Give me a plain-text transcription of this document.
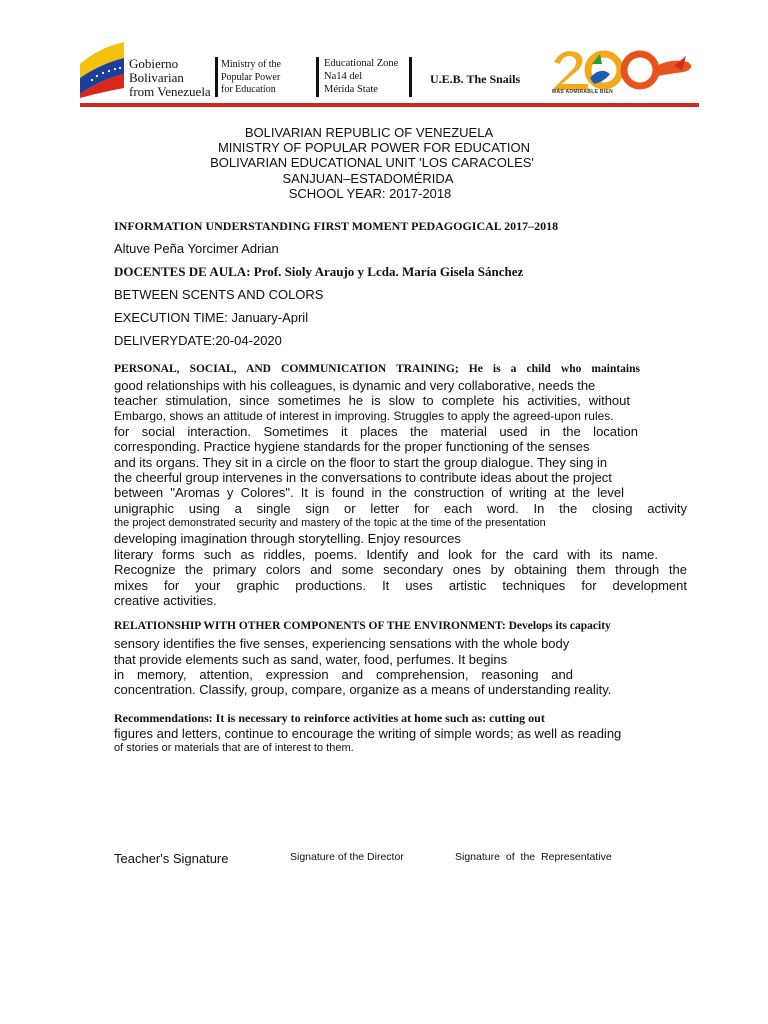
Gobierno
Bolivarian
from Venezuela
Ministry of the
Popular Power
for Education
Educational Zone
Na14 del
Mérida State
U.E.B. The Snails
MÁS ADMIRABLE BIEN
BOLIVARIAN REPUBLIC OF VENEZUELA
MINISTRY OF POPULAR POWER FOR EDUCATION
BOLIVARIAN EDUCATIONAL UNIT 'LOS CARACOLES'
SANJUAN–ESTADOMÉRIDA
SCHOOL YEAR: 2017-2018
INFORMATION UNDERSTANDING FIRST MOMENT PEDAGOGICAL 2017–2018
Altuve Peña Yorcimer Adrian
DOCENTES DE AULA: Prof. Sioly Araujo y Lcda. María Gisela Sánchez
BETWEEN SCENTS AND COLORS
EXECUTION TIME: January-April
DELIVERYDATE:20-04-2020
PERSONAL, SOCIAL, AND COMMUNICATION TRAINING; He is a child who maintains
good relationships with his colleagues, is dynamic and very collaborative, needs the
teacher stimulation, since sometimes he is slow to complete his activities, without
Embargo, shows an attitude of interest in improving. Struggles to apply the agreed-upon rules.
for social interaction. Sometimes it places the material used in the location
corresponding. Practice hygiene standards for the proper functioning of the senses
and its organs. They sit in a circle on the floor to start the group dialogue. They sing in
the cheerful group intervenes in the conversations to contribute ideas about the project
between "Aromas y Colores". It is found in the construction of writing at the level
unigraphic using a single sign or letter for each word. In the closing activity
the project demonstrated security and mastery of the topic at the time of the presentation
developing imagination through storytelling. Enjoy resources
literary forms such as riddles, poems. Identify and look for the card with its name.
Recognize the primary colors and some secondary ones by obtaining them through the
mixes for your graphic productions. It uses artistic techniques for development
creative activities.
RELATIONSHIP WITH OTHER COMPONENTS OF THE ENVIRONMENT: Develops its capacity
sensory identifies the five senses, experiencing sensations with the whole body
that provide elements such as sand, water, food, perfumes. It begins
in memory, attention, expression and comprehension, reasoning and
concentration. Classify, group, compare, organize as a means of understanding reality.
Recommendations: It is necessary to reinforce activities at home such as: cutting out
figures and letters, continue to encourage the writing of simple words; as well as reading
of stories or materials that are of interest to them.
Teacher's Signature	Signature of the Director	Signature of the Representative
